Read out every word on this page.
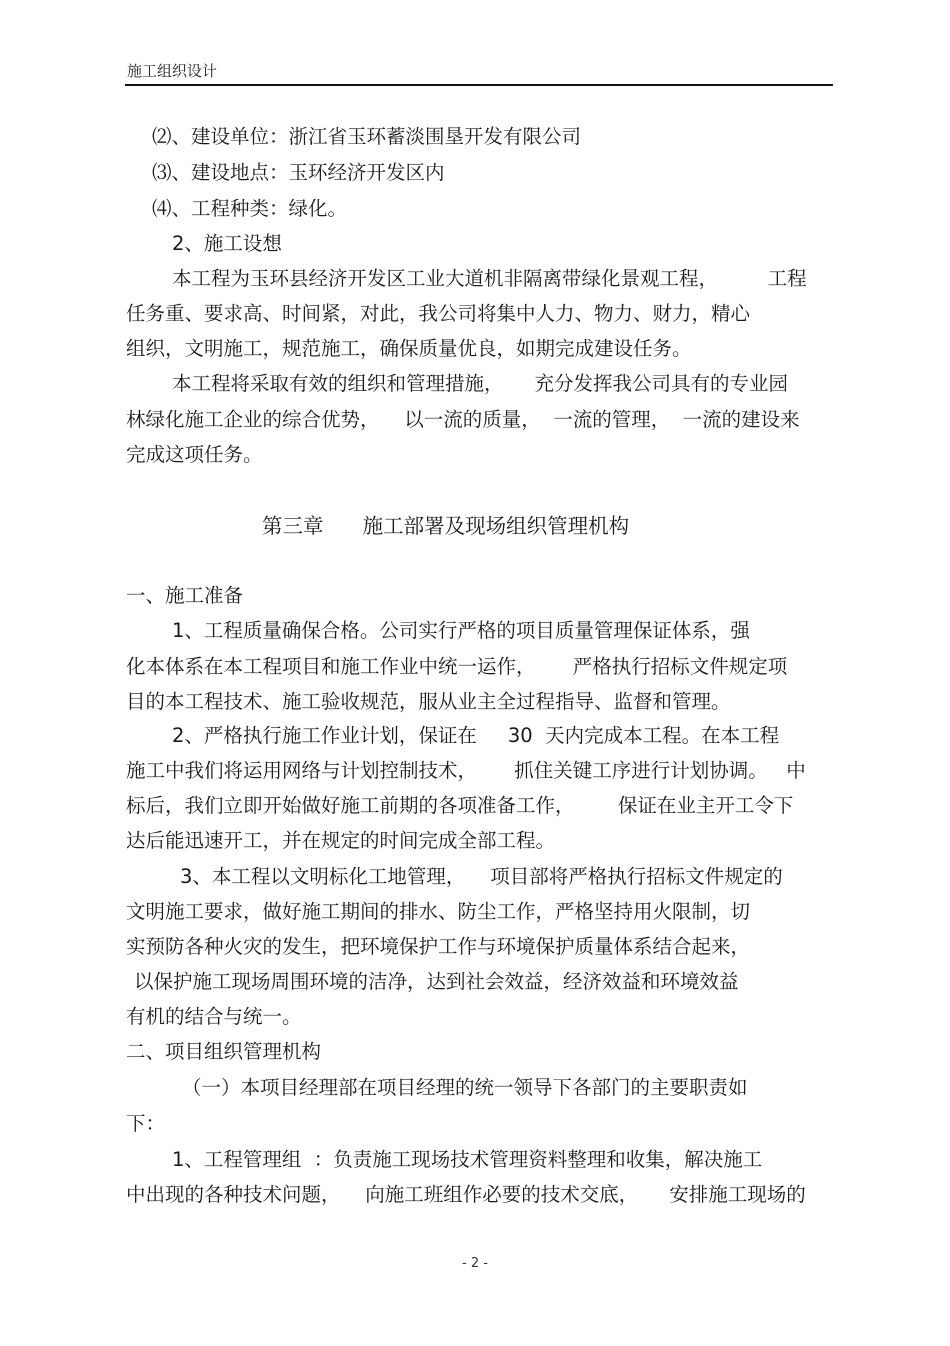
施工组织设计
⑵、建设单位：浙江省玉环蓄淡围垦开发有限公司
⑶、建设地点：玉环经济开发区内
⑷、工程种类：绿化。
2、施工设想
本工程为玉环县经济开发区工业大道机非隔离带绿化景观工程，        工程
任务重、要求高、时间紧，对此，我公司将集中人力、物力、财力，精心
组织，文明施工，规范施工，确保质量优良，如期完成建设任务。
本工程将采取有效的组织和管理措施，     充分发挥我公司具有的专业园
林绿化施工企业的综合优势，    以一流的质量，  一流的管理，  一流的建设来
完成这项任务。
第三章      施工部署及现场组织管理机构
一、施工准备
1、工程质量确保合格。公司实行严格的项目质量管理保证体系，强
化本体系在本工程项目和施工作业中统一运作，      严格执行招标文件规定项
目的本工程技术、施工验收规范，服从业主全过程指导、监督和管理。
2、严格执行施工作业计划，保证在     30  天内完成本工程。在本工程
施工中我们将运用网络与计划控制技术，      抓住关键工序进行计划协调。   中
标后，我们立即开始做好施工前期的各项准备工作，       保证在业主开工令下
达后能迅速开工，并在规定的时间完成全部工程。
3、本工程以文明标化工地管理，    项目部将严格执行招标文件规定的
文明施工要求，做好施工期间的排水、防尘工作，严格坚持用火限制，切
实预防各种火灾的发生，把环境保护工作与环境保护质量体系结合起来，
以保护施工现场周围环境的洁净，达到社会效益，经济效益和环境效益
有机的结合与统一。
二、项目组织管理机构
（一）本项目经理部在项目经理的统一领导下各部门的主要职责如
下：
1、工程管理组  ：负责施工现场技术管理资料整理和收集，解决施工
中出现的各种技术问题，    向施工班组作必要的技术交底，     安排施工现场的
- 2 -
